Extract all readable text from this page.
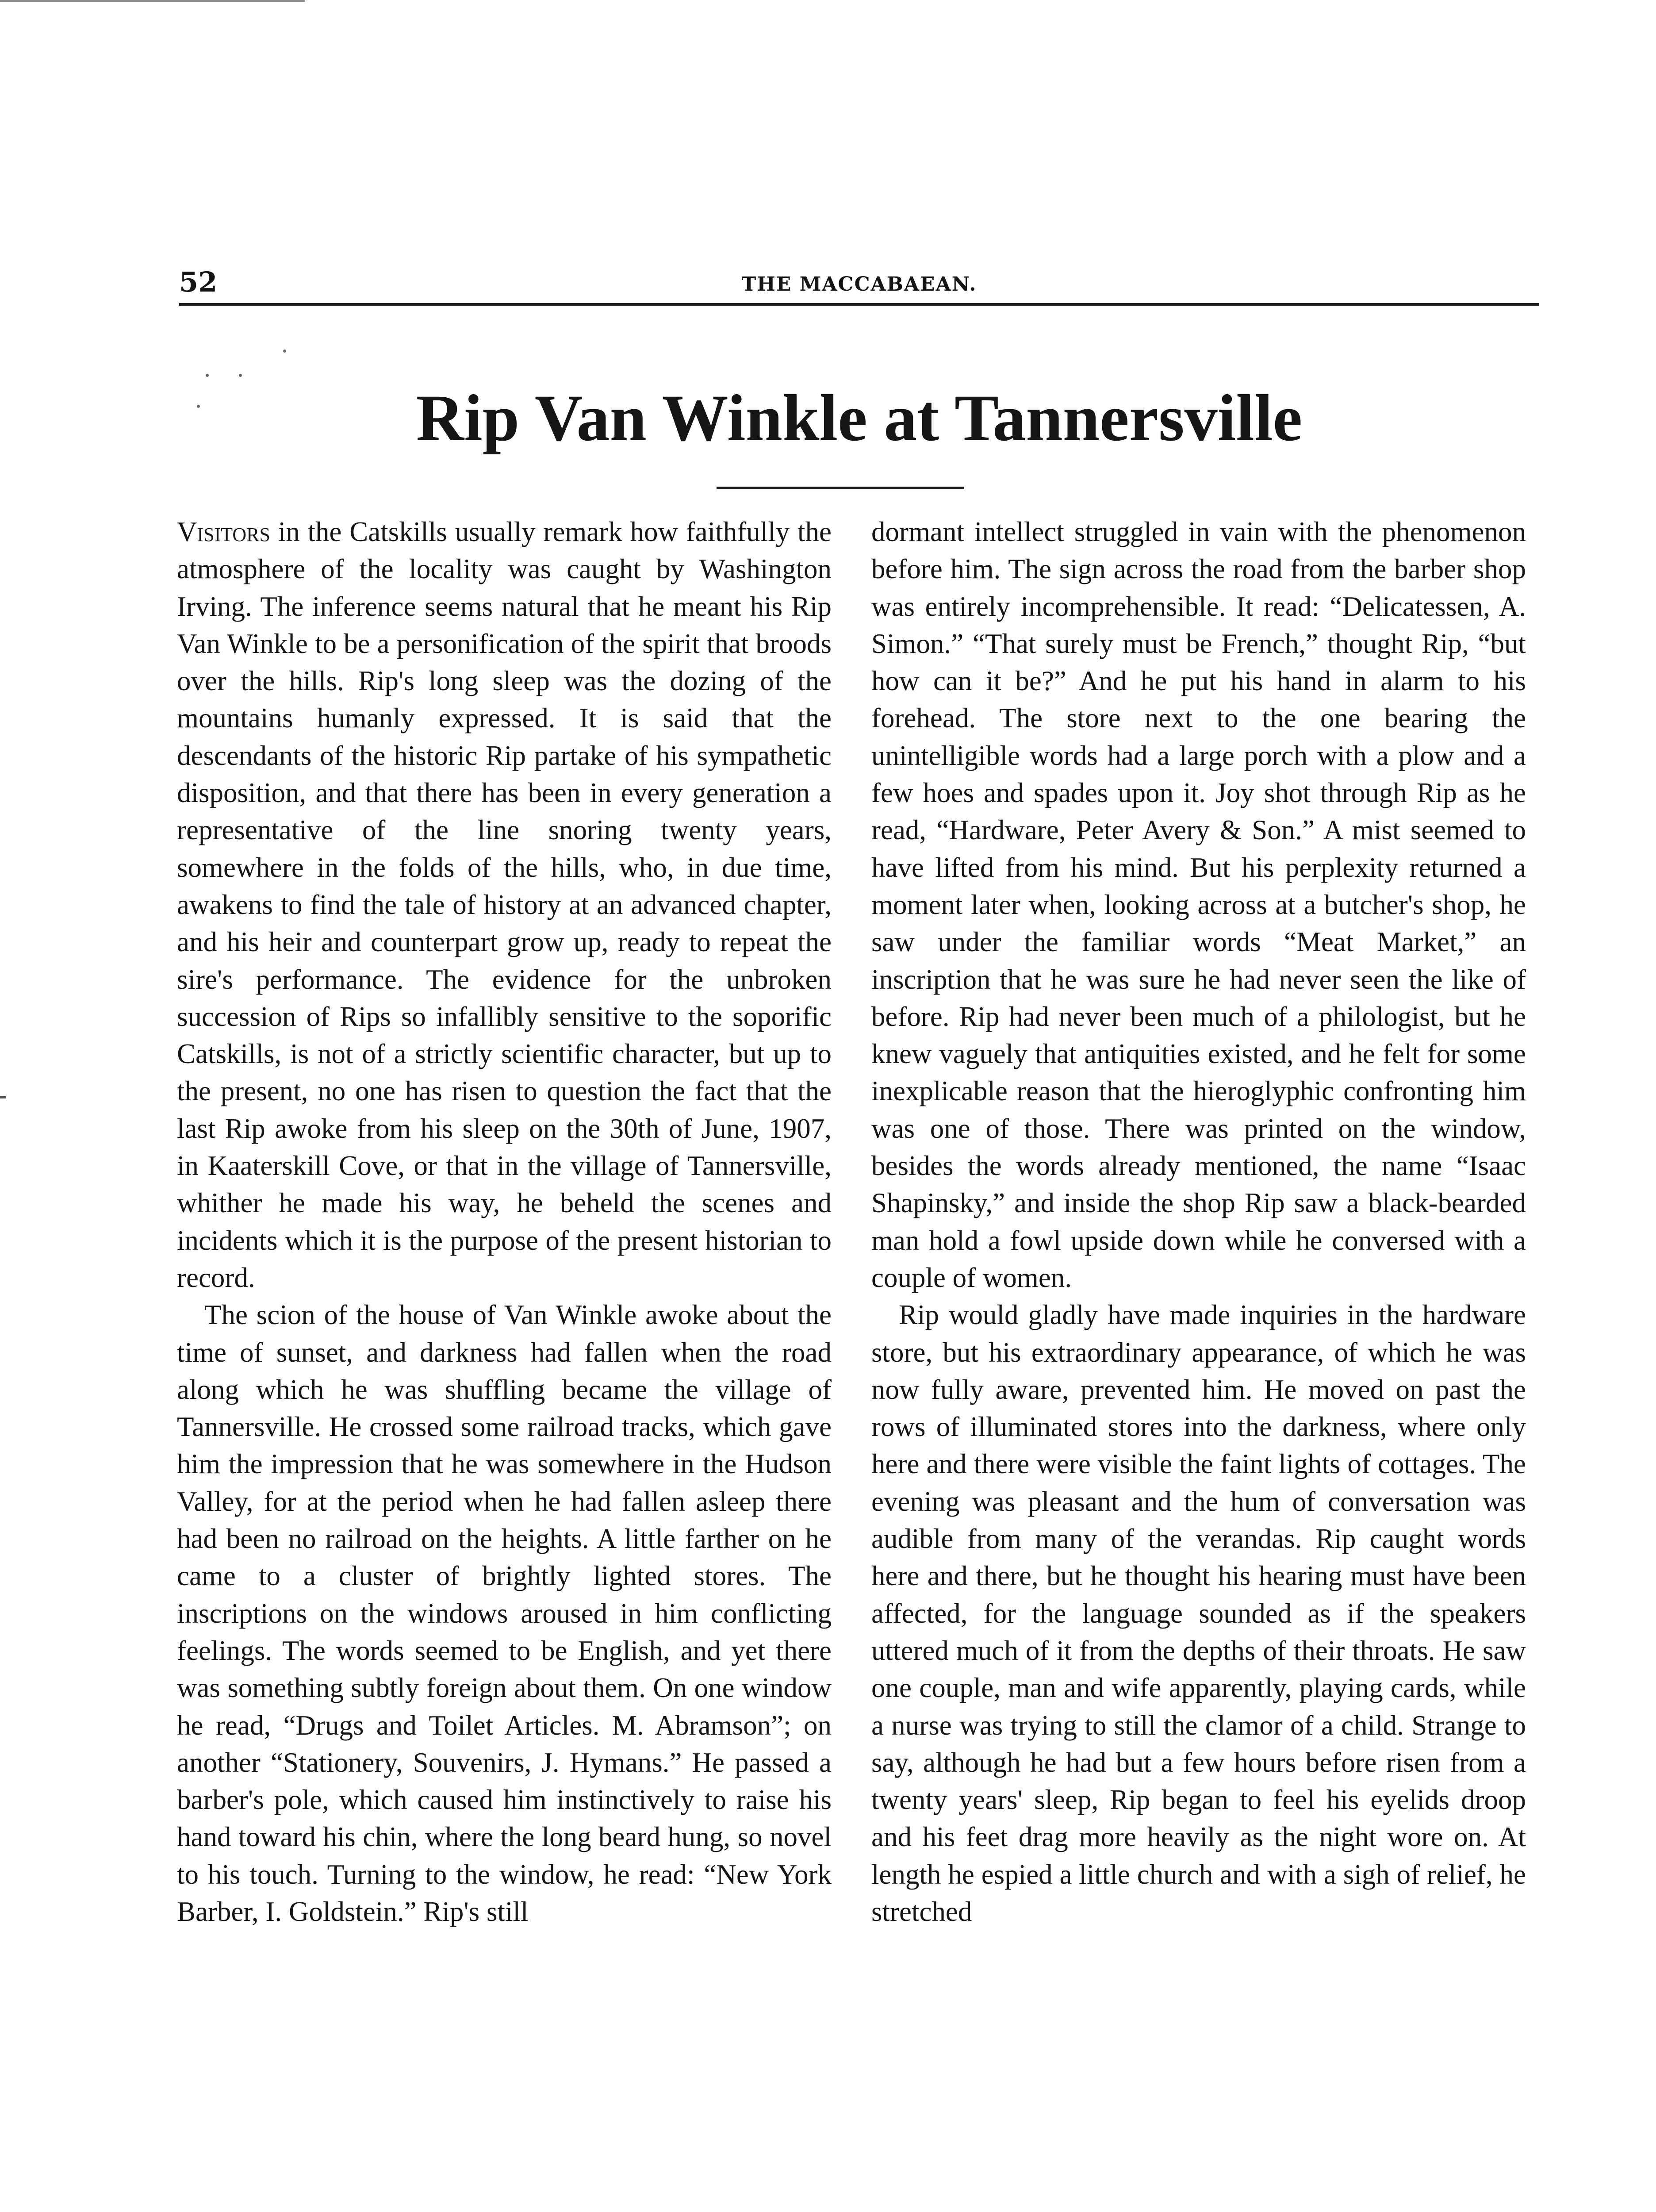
52	THE MACCABAEAN.
Rip Van Winkle at Tannersville

Visitors in the Catskills usually remark how faithfully the atmosphere of the locality was caught by Washington Irving. The inference seems natural that he meant his Rip Van Winkle to be a personification of the spirit that broods over the hills. Rip's long sleep was the dozing of the mountains humanly expressed. It is said that the descendants of the historic Rip partake of his sympathetic disposition, and that there has been in every generation a representative of the line snoring twenty years, somewhere in the folds of the hills, who, in due time, awakens to find the tale of history at an advanced chapter, and his heir and counterpart grow up, ready to repeat the sire's performance. The evidence for the unbroken succession of Rips so infallibly sensitive to the soporific Catskills, is not of a strictly scientific character, but up to the present, no one has risen to question the fact that the last Rip awoke from his sleep on the 30th of June, 1907, in Kaaterskill Cove, or that in the village of Tannersville, whither he made his way, he beheld the scenes and incidents which it is the purpose of the present historian to record.

The scion of the house of Van Winkle awoke about the time of sunset, and darkness had fallen when the road along which he was shuffling became the village of Tannersville. He crossed some railroad tracks, which gave him the impression that he was somewhere in the Hudson Valley, for at the period when he had fallen asleep there had been no railroad on the heights. A little farther on he came to a cluster of brightly lighted stores. The inscriptions on the windows aroused in him conflicting feelings. The words seemed to be English, and yet there was something subtly foreign about them. On one window he read, “Drugs and Toilet Articles. M. Abramson”; on another “Stationery, Souvenirs, J. Hymans.” He passed a barber's pole, which caused him instinctively to raise his hand toward his chin, where the long beard hung, so novel to his touch. Turning to the window, he read: “New York Barber, I. Goldstein.” Rip's still

dormant intellect struggled in vain with the phenomenon before him. The sign across the road from the barber shop was entirely incomprehensible. It read: “Delicatessen, A. Simon.” “That surely must be French,” thought Rip, “but how can it be?” And he put his hand in alarm to his forehead. The store next to the one bearing the unintelligible words had a large porch with a plow and a few hoes and spades upon it. Joy shot through Rip as he read, “Hardware, Peter Avery & Son.” A mist seemed to have lifted from his mind. But his perplexity returned a moment later when, looking across at a butcher's shop, he saw under the familiar words “Meat Market,” an inscription that he was sure he had never seen the like of before. Rip had never been much of a philologist, but he knew vaguely that antiquities existed, and he felt for some inexplicable reason that the hieroglyphic confronting him was one of those. There was printed on the window, besides the words already mentioned, the name “Isaac Shapinsky,” and inside the shop Rip saw a black-bearded man hold a fowl upside down while he conversed with a couple of women.

Rip would gladly have made inquiries in the hardware store, but his extraordinary appearance, of which he was now fully aware, prevented him. He moved on past the rows of illuminated stores into the darkness, where only here and there were visible the faint lights of cottages. The evening was pleasant and the hum of conversation was audible from many of the verandas. Rip caught words here and there, but he thought his hearing must have been affected, for the language sounded as if the speakers uttered much of it from the depths of their throats. He saw one couple, man and wife apparently, playing cards, while a nurse was trying to still the clamor of a child. Strange to say, although he had but a few hours before risen from a twenty years' sleep, Rip began to feel his eyelids droop and his feet drag more heavily as the night wore on. At length he espied a little church and with a sigh of relief, he stretched
